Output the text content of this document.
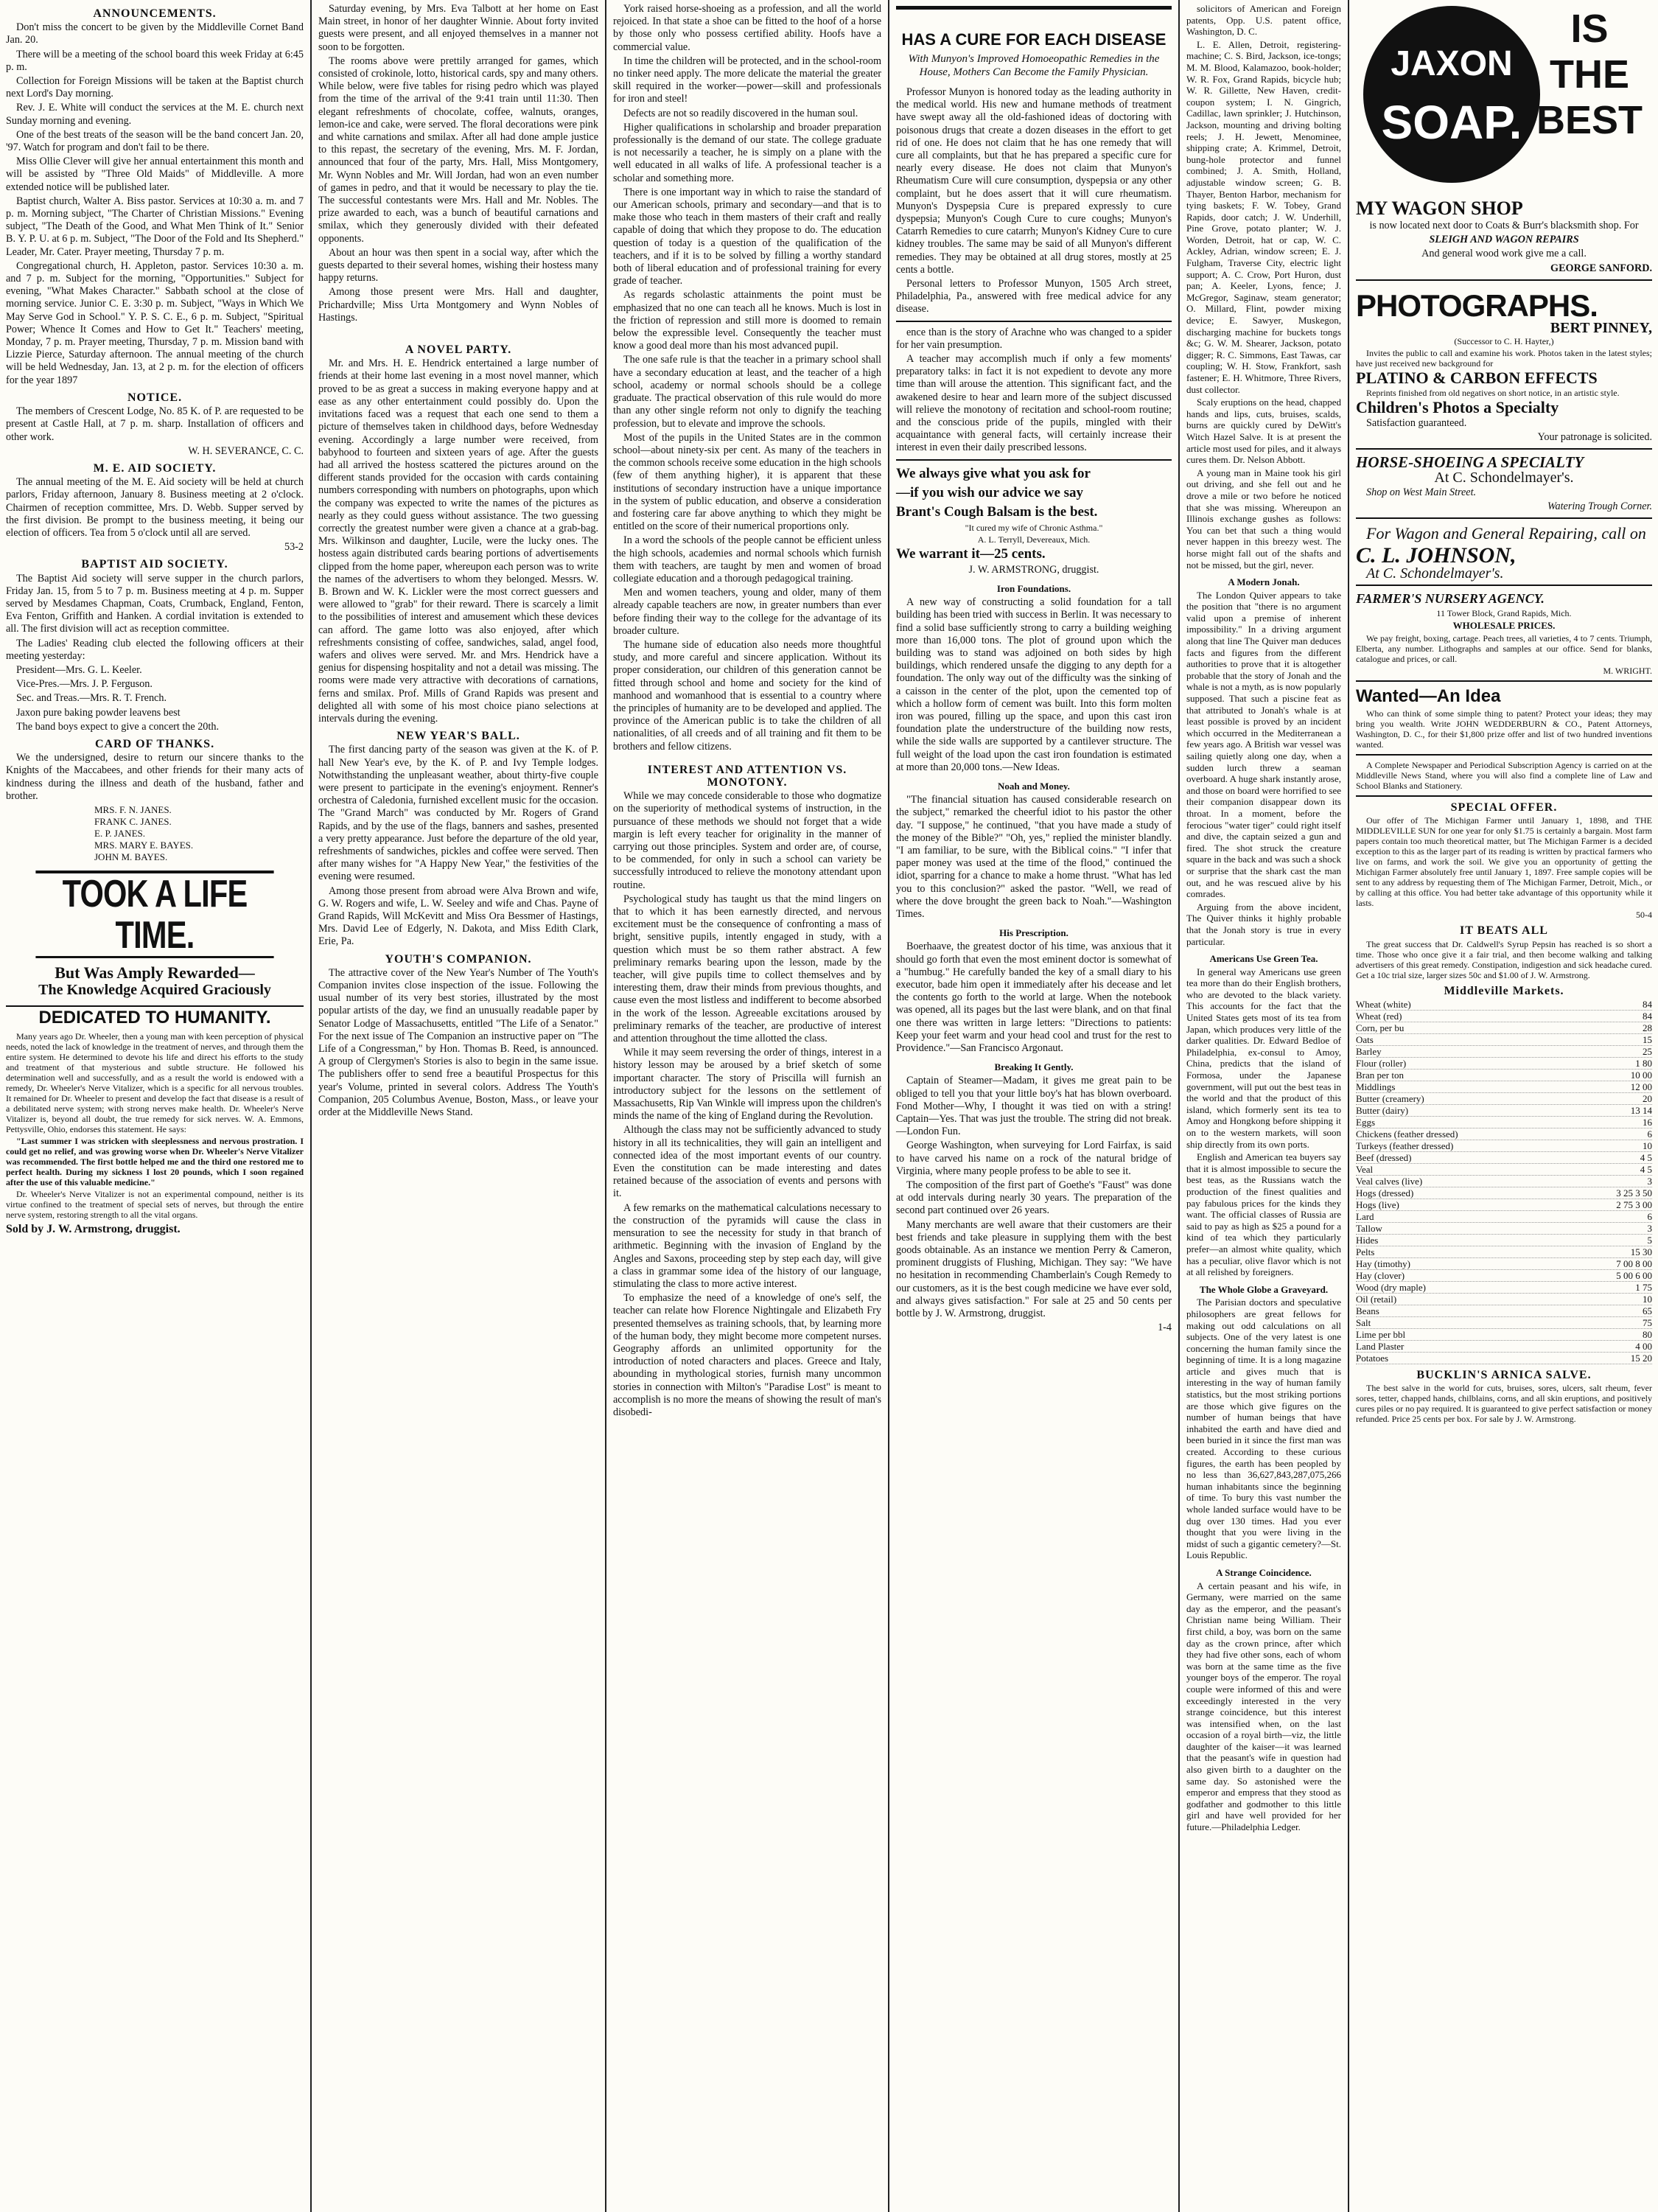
ANNOUNCEMENTS.

Don't miss the concert to be given by the Middleville Cornet Band Jan. 20.

There will be a meeting of the school board this week Friday at 6:45 p. m.

Collection for Foreign Missions will be taken at the Baptist church next Lord's Day morning.

Rev. J. E. White will conduct the services at the M. E. church next Sunday morning and evening.

One of the best treats of the season will be the band concert Jan. 20, '97. Watch for program and don't fail to be there.

Miss Ollie Clever will give her annual entertainment this month and will be assisted by "Three Old Maids" of Middleville. A more extended notice will be published later.

Baptist church, Walter A. Biss pastor. Services at 10:30 a. m. and 7 p. m. Morning subject, "The Charter of Christian Missions." Evening subject, "The Death of the Good, and What Men Think of It." Senior B. Y. P. U. at 6 p. m. Subject, "The Door of the Fold and Its Shepherd." Leader, Mr. Cater. Prayer meeting, Thursday 7 p. m.

Congregational church, H. Appleton, pastor. Services 10:30 a. m. and 7 p. m. Subject for the morning, "Opportunities." Subject for evening, "What Makes Character." Sabbath school at the close of morning service. Junior C. E. 3:30 p. m. Subject, "Ways in Which We May Serve God in School." Y. P. S. C. E., 6 p. m. Subject, "Spiritual Power; Whence It Comes and How to Get It." Teachers' meeting, Monday, 7 p. m. Prayer meeting, Thursday, 7 p. m. Mission band with Lizzie Pierce, Saturday afternoon. The annual meeting of the church will be held Wednesday, Jan. 13, at 2 p. m. for the election of officers for the year 1897

NOTICE.

The members of Crescent Lodge, No. 85 K. of P. are requested to be present at Castle Hall, at 7 p. m. sharp. Installation of officers and other work.

W. H. SEVERANCE, C. C.

M. E. AID SOCIETY.

The annual meeting of the M. E. Aid society will be held at church parlors, Friday afternoon, January 8. Business meeting at 2 o'clock. Chairmen of reception committee, Mrs. D. Webb. Supper served by the first division. Be prompt to the business meeting, it being our election of officers. Tea from 5 o'clock until all are served.

53-2

BAPTIST AID SOCIETY.

The Baptist Aid society will serve supper in the church parlors, Friday Jan. 15, from 5 to 7 p. m. Business meeting at 4 p. m. Supper served by Mesdames Chapman, Coats, Crumback, England, Fenton, Eva Fenton, Griffith and Hanken. A cordial invitation is extended to all. The first division will act as reception committee.

The Ladies' Reading club elected the following officers at their meeting yesterday:

President—Mrs. G. L. Keeler.

Vice-Pres.—Mrs. J. P. Ferguson.

Sec. and Treas.—Mrs. R. T. French.

Jaxon pure baking powder leavens best

The band boys expect to give a concert the 20th.

CARD OF THANKS.

We the undersigned, desire to return our sincere thanks to the Knights of the Maccabees, and other friends for their many acts of kindness during the illness and death of the husband, father and brother.

MRS. F. N. JANES.
FRANK C. JANES.
E. P. JANES.
MRS. MARY E. BAYES.
JOHN M. BAYES.
TOOK A LIFE TIME.
But Was Amply Rewarded—
The Knowledge Acquired Graciously
DEDICATED TO HUMANITY.

Many years ago Dr. Wheeler, then a young man with keen perception of physical needs, noted the lack of knowledge in the treatment of nerves, and through them the entire system. He determined to devote his life and direct his efforts to the study and treatment of that mysterious and subtle structure. He followed his determination well and successfully, and as a result the world is endowed with a remedy, Dr. Wheeler's Nerve Vitalizer, which is a specific for all nervous troubles. It remained for Dr. Wheeler to present and develop the fact that disease is a result of a debilitated nerve system; with strong nerves make health. Dr. Wheeler's Nerve Vitalizer is, beyond all doubt, the true remedy for sick nerves. W. A. Emmons, Pettysville, Ohio, endorses this statement. He says:

"Last summer I was stricken with sleeplessness and nervous prostration. I could get no relief, and was growing worse when Dr. Wheeler's Nerve Vitalizer was recommended. The first bottle helped me and the third one restored me to perfect health. During my sickness I lost 20 pounds, which I soon regained after the use of this valuable medicine."

Dr. Wheeler's Nerve Vitalizer is not an experimental compound, neither is its virtue confined to the treatment of special sets of nerves, but through the entire nerve system, restoring strength to all the vital organs.

Sold by J. W. Armstrong, druggist.

Saturday evening, by Mrs. Eva Talbott at her home on East Main street, in honor of her daughter Winnie. About forty invited guests were present, and all enjoyed themselves in a manner not soon to be forgotten.

The rooms above were prettily arranged for games, which consisted of crokinole, lotto, historical cards, spy and many others. While below, were five tables for rising pedro which was played from the time of the arrival of the 9:41 train until 11:30. Then elegant refreshments of chocolate, coffee, walnuts, oranges, lemon-ice and cake, were served. The floral decorations were pink and white carnations and smilax. After all had done ample justice to this repast, the secretary of the evening, Mrs. M. F. Jordan, announced that four of the party, Mrs. Hall, Miss Montgomery, Mr. Wynn Nobles and Mr. Will Jordan, had won an even number of games in pedro, and that it would be necessary to play the tie. The successful contestants were Mrs. Hall and Mr. Nobles. The prize awarded to each, was a bunch of beautiful carnations and smilax, which they generously divided with their defeated opponents.

About an hour was then spent in a social way, after which the guests departed to their several homes, wishing their hostess many happy returns.

Among those present were Mrs. Hall and daughter, Prichardville; Miss Urta Montgomery and Wynn Nobles of Hastings.

A NOVEL PARTY.

Mr. and Mrs. H. E. Hendrick entertained a large number of friends at their home last evening in a most novel manner, which proved to be as great a success in making everyone happy and at ease as any other entertainment could possibly do. Upon the invitations faced was a request that each one send to them a picture of themselves taken in childhood days, before Wednesday evening. Accordingly a large number were received, from babyhood to fourteen and sixteen years of age. After the guests had all arrived the hostess scattered the pictures around on the different stands provided for the occasion with cards containing numbers corresponding with numbers on photographs, upon which the company was expected to write the names of the pictures as nearly as they could guess without assistance. The two guessing correctly the greatest number were given a chance at a grab-bag. Mrs. Wilkinson and daughter, Lucile, were the lucky ones. The hostess again distributed cards bearing portions of advertisements clipped from the home paper, whereupon each person was to write the names of the advertisers to whom they belonged. Messrs. W. B. Brown and W. K. Lickler were the most correct guessers and were allowed to "grab" for their reward. There is scarcely a limit to the possibilities of interest and amusement which these devices can afford. The game lotto was also enjoyed, after which refreshments consisting of coffee, sandwiches, salad, angel food, wafers and olives were served. Mr. and Mrs. Hendrick have a genius for dispensing hospitality and not a detail was missing. The rooms were made very attractive with decorations of carnations, ferns and smilax. Prof. Mills of Grand Rapids was present and delighted all with some of his most choice piano selections at intervals during the evening.

NEW YEAR'S BALL.

The first dancing party of the season was given at the K. of P. hall New Year's eve, by the K. of P. and Ivy Temple lodges. Notwithstanding the unpleasant weather, about thirty-five couple were present to participate in the evening's enjoyment. Renner's orchestra of Caledonia, furnished excellent music for the occasion. The "Grand March" was conducted by Mr. Rogers of Grand Rapids, and by the use of the flags, banners and sashes, presented a very pretty appearance. Just before the departure of the old year, refreshments of sandwiches, pickles and coffee were served. Then after many wishes for "A Happy New Year," the festivities of the evening were resumed.

Among those present from abroad were Alva Brown and wife, G. W. Rogers and wife, L. W. Seeley and wife and Chas. Payne of Grand Rapids, Will McKevitt and Miss Ora Bessmer of Hastings, Mrs. David Lee of Edgerly, N. Dakota, and Miss Edith Clark, Erie, Pa.

YOUTH'S COMPANION.

The attractive cover of the New Year's Number of The Youth's Companion invites close inspection of the issue. Following the usual number of its very best stories, illustrated by the most popular artists of the day, we find an unusually readable paper by Senator Lodge of Massachusetts, entitled "The Life of a Senator." For the next issue of The Companion an instructive paper on "The Life of a Congressman," by Hon. Thomas B. Reed, is announced. A group of Clergymen's Stories is also to begin in the same issue. The publishers offer to send free a beautiful Prospectus for this year's Volume, printed in several colors. Address The Youth's Companion, 205 Columbus Avenue, Boston, Mass., or leave your order at the Middleville News Stand.

York raised horse-shoeing as a profession, and all the world rejoiced. In that state a shoe can be fitted to the hoof of a horse by those only who possess certified ability. Hoofs have a commercial value.

In time the children will be protected, and in the school-room no tinker need apply. The more delicate the material the greater skill required in the worker—power—skill and professionals for iron and steel!

Defects are not so readily discovered in the human soul.

Higher qualifications in scholarship and broader preparation professionally is the demand of our state. The college graduate is not necessarily a teacher, he is simply on a plane with the well educated in all walks of life. A professional teacher is a scholar and something more.

There is one important way in which to raise the standard of our American schools, primary and secondary—and that is to make those who teach in them masters of their craft and really capable of doing that which they propose to do. The education question of today is a question of the qualification of the teachers, and if it is to be solved by filling a worthy standard both of liberal education and of professional training for every grade of teacher.

As regards scholastic attainments the point must be emphasized that no one can teach all he knows. Much is lost in the friction of repression and still more is doomed to remain below the expressible level. Consequently the teacher must know a good deal more than his most advanced pupil.

The one safe rule is that the teacher in a primary school shall have a secondary education at least, and the teacher of a high school, academy or normal schools should be a college graduate. The practical observation of this rule would do more than any other single reform not only to dignify the teaching profession, but to elevate and improve the schools.

Most of the pupils in the United States are in the common school—about ninety-six per cent. As many of the teachers in the common schools receive some education in the high schools (few of them anything higher), it is apparent that these institutions of secondary instruction have a unique importance in the system of public education, and observe a consideration and fostering care far above anything to which they might be entitled on the score of their numerical proportions only.

In a word the schools of the people cannot be efficient unless the high schools, academies and normal schools which furnish them with teachers, are taught by men and women of broad collegiate education and a thorough pedagogical training.

Men and women teachers, young and older, many of them already capable teachers are now, in greater numbers than ever before finding their way to the college for the advantage of its broader culture.

The humane side of education also needs more thoughtful study, and more careful and sincere application. Without its proper consideration, our children of this generation cannot be fitted through school and home and society for the kind of manhood and womanhood that is essential to a country where the principles of humanity are to be developed and applied. The province of the American public is to take the children of all nationalities, of all creeds and of all training and fit them to be brothers and fellow citizens.

INTEREST AND ATTENTION VS. MONOTONY.

While we may concede considerable to those who dogmatize on the superiority of methodical systems of instruction, in the pursuance of these methods we should not forget that a wide margin is left every teacher for originality in the manner of carrying out those principles. System and order are, of course, to be commended, for only in such a school can variety be successfully introduced to relieve the monotony attendant upon routine.

Psychological study has taught us that the mind lingers on that to which it has been earnestly directed, and nervous excitement must be the consequence of confronting a mass of bright, sensitive pupils, intently engaged in study, with a question which must be so them rather abstract. A few preliminary remarks bearing upon the lesson, made by the teacher, will give pupils time to collect themselves and by interesting them, draw their minds from previous thoughts, and cause even the most listless and indifferent to become absorbed in the work of the lesson. Agreeable excitations aroused by preliminary remarks of the teacher, are productive of interest and attention throughout the time allotted the class.

While it may seem reversing the order of things, interest in a history lesson may be aroused by a brief sketch of some important character. The story of Priscilla will furnish an introductory subject for the lessons on the settlement of Massachusetts, Rip Van Winkle will impress upon the children's minds the name of the king of England during the Revolution.

Although the class may not be sufficiently advanced to study history in all its technicalities, they will gain an intelligent and connected idea of the most important events of our country. Even the constitution can be made interesting and dates retained because of the association of events and persons with it.

A few remarks on the mathematical calculations necessary to the construction of the pyramids will cause the class in mensuration to see the necessity for study in that branch of arithmetic. Beginning with the invasion of England by the Angles and Saxons, proceeding step by step each day, will give a class in grammar some idea of the history of our language, stimulating the class to more active interest.

To emphasize the need of a knowledge of one's self, the teacher can relate how Florence Nightingale and Elizabeth Fry presented themselves as training schools, that, by learning more of the human body, they might become more competent nurses. Geography affords an unlimited opportunity for the introduction of noted characters and places. Greece and Italy, abounding in mythological stories, furnish many uncommon stories in connection with Milton's "Paradise Lost" is meant to accomplish is no more the means of showing the result of man's disobedi-

HAS A CURE FOR EACH DISEASE
With Munyon's Improved Homoeopathic Remedies in the House, Mothers Can Become the Family Physician.

Professor Munyon is honored today as the leading authority in the medical world. His new and humane methods of treatment have swept away all the old-fashioned ideas of doctoring with poisonous drugs that create a dozen diseases in the effort to get rid of one. He does not claim that he has one remedy that will cure all complaints, but that he has prepared a specific cure for nearly every disease. He does not claim that Munyon's Rheumatism Cure will cure consumption, dyspepsia or any other complaint, but he does assert that it will cure rheumatism. Munyon's Dyspepsia Cure is prepared expressly to cure dyspepsia; Munyon's Cough Cure to cure coughs; Munyon's Catarrh Remedies to cure catarrh; Munyon's Kidney Cure to cure kidney troubles. The same may be said of all Munyon's different remedies. They may be obtained at all drug stores, mostly at 25 cents a bottle.

Personal letters to Professor Munyon, 1505 Arch street, Philadelphia, Pa., answered with free medical advice for any disease.

ence than is the story of Arachne who was changed to a spider for her vain presumption.

A teacher may accomplish much if only a few moments' preparatory talks: in fact it is not expedient to devote any more time than will arouse the attention. This significant fact, and the awakened desire to hear and learn more of the subject discussed will relieve the monotony of recitation and school-room routine; and the conscious pride of the pupils, mingled with their acquaintance with general facts, will certainly increase their interest in even their daily prescribed lessons.

We always give what you ask for

—if you wish our advice we say

Brant's Cough Balsam is the best.

"It cured my wife of Chronic Asthma."

A. L. Terryll, Devereaux, Mich.

We warrant it—25 cents.

J. W. ARMSTRONG, druggist.

Iron Foundations.

A new way of constructing a solid foundation for a tall building has been tried with success in Berlin. It was necessary to find a solid base sufficiently strong to carry a building weighing more than 16,000 tons. The plot of ground upon which the building was to stand was adjoined on both sides by high buildings, which rendered unsafe the digging to any depth for a foundation. The only way out of the difficulty was the sinking of a caisson in the center of the plot, upon the cemented top of which a hollow form of cement was built. Into this form molten iron was poured, filling up the space, and upon this cast iron foundation plate the understructure of the building now rests, while the side walls are supported by a cantilever structure. The full weight of the load upon the cast iron foundation is estimated at more than 20,000 tons.—New Ideas.

Noah and Money.

"The financial situation has caused considerable research on the subject," remarked the cheerful idiot to his pastor the other day. "I suppose," he continued, "that you have made a study of the money of the Bible?" "Oh, yes," replied the minister blandly. "I am familiar, to be sure, with the Biblical coins." "I infer that paper money was used at the time of the flood," continued the idiot, sparring for a chance to make a home thrust. "What has led you to this conclusion?" asked the pastor. "Well, we read of where the dove brought the green back to Noah."—Washington Times.

His Prescription.

Boerhaave, the greatest doctor of his time, was anxious that it should go forth that even the most eminent doctor is somewhat of a "humbug." He carefully banded the key of a small diary to his executor, bade him open it immediately after his decease and let the contents go forth to the world at large. When the notebook was opened, all its pages but the last were blank, and on that final one there was written in large letters: "Directions to patients: Keep your feet warm and your head cool and trust for the rest to Providence."—San Francisco Argonaut.

Breaking It Gently.

Captain of Steamer—Madam, it gives me great pain to be obliged to tell you that your little boy's hat has blown overboard. Fond Mother—Why, I thought it was tied on with a string! Captain—Yes. That was just the trouble. The string did not break.—London Fun.

George Washington, when surveying for Lord Fairfax, is said to have carved his name on a rock of the natural bridge of Virginia, where many people profess to be able to see it.

The composition of the first part of Goethe's "Faust" was done at odd intervals during nearly 30 years. The preparation of the second part continued over 26 years.

Many merchants are well aware that their customers are their best friends and take pleasure in supplying them with the best goods obtainable. As an instance we mention Perry & Cameron, prominent druggists of Flushing, Michigan. They say: "We have no hesitation in recommending Chamberlain's Cough Remedy to our customers, as it is the best cough medicine we have ever sold, and always gives satisfaction." For sale at 25 and 50 cents per bottle by J. W. Armstrong, druggist.

1-4

solicitors of American and Foreign patents, Opp. U.S. patent office, Washington, D. C.

L. E. Allen, Detroit, registering-machine; C. S. Bird, Jackson, ice-tongs; M. M. Blood, Kalamazoo, book-holder; W. R. Fox, Grand Rapids, bicycle hub; W. R. Gillette, New Haven, credit-coupon system; I. N. Gingrich, Cadillac, lawn sprinkler; J. Hutchinson, Jackson, mounting and driving bolting reels; J. H. Jewett, Menominee, shipping crate; A. Krimmel, Detroit, bung-hole protector and funnel combined; J. A. Smith, Holland, adjustable window screen; G. B. Thayer, Benton Harbor, mechanism for tying baskets; F. W. Tobey, Grand Rapids, door catch; J. W. Underhill, Pine Grove, potato planter; W. J. Worden, Detroit, hat or cap, W. C. Ackley, Adrian, window screen; E. J. Fulgham, Traverse City, electric light support; A. C. Crow, Port Huron, dust pan; A. Keeler, Lyons, fence; J. McGregor, Saginaw, steam generator; O. Millard, Flint, powder mixing device; E. Sawyer, Muskegon, discharging machine for buckets tongs &c; G. W. M. Shearer, Jackson, potato digger; R. C. Simmons, East Tawas, car coupling; W. H. Stow, Frankfort, sash fastener; E. H. Whitmore, Three Rivers, dust collector.

Scaly eruptions on the head, chapped hands and lips, cuts, bruises, scalds, burns are quickly cured by DeWitt's Witch Hazel Salve. It is at present the article most used for piles, and it always cures them. Dr. Nelson Abbott.

A young man in Maine took his girl out driving, and she fell out and he drove a mile or two before he noticed that she was missing. Whereupon an Illinois exchange gushes as follows: You can bet that such a thing would never happen in this breezy west. The horse might fall out of the shafts and not be missed, but the girl, never.

A Modern Jonah.

The London Quiver appears to take the position that "there is no argument valid upon a premise of inherent impossibility." In a driving argument along that line The Quiver man deduces facts and figures from the different authorities to prove that it is altogether probable that the story of Jonah and the whale is not a myth, as is now popularly supposed. That such a piscine feat as that attributed to Jonah's whale is at least possible is proved by an incident which occurred in the Mediterranean a few years ago. A British war vessel was sailing quietly along one day, when a sudden lurch threw a seaman overboard. A huge shark instantly arose, and those on board were horrified to see their companion disappear down its throat. In a moment, before the ferocious "water tiger" could right itself and dive, the captain seized a gun and fired. The shot struck the creature square in the back and was such a shock or surprise that the shark cast the man out, and he was rescued alive by his comrades.

Arguing from the above incident, The Quiver thinks it highly probable that the Jonah story is true in every particular.

Americans Use Green Tea.

In general way Americans use green tea more than do their English brothers, who are devoted to the black variety. This accounts for the fact that the United States gets most of its tea from Japan, which produces very little of the darker qualities. Dr. Edward Bedloe of Philadelphia, ex-consul to Amoy, China, predicts that the island of Formosa, under the Japanese government, will put out the best teas in the world and that the product of this island, which formerly sent its tea to Amoy and Hongkong before shipping it on to the western markets, will soon ship directly from its own ports.

English and American tea buyers say that it is almost impossible to secure the best teas, as the Russians watch the production of the finest qualities and pay fabulous prices for the kinds they want. The official classes of Russia are said to pay as high as $25 a pound for a kind of tea which they particularly prefer—an almost white quality, which has a peculiar, olive flavor which is not at all relished by foreigners.

The Whole Globe a Graveyard.

The Parisian doctors and speculative philosophers are great fellows for making out odd calculations on all subjects. One of the very latest is one concerning the human family since the beginning of time. It is a long magazine article and gives much that is interesting in the way of human family statistics, but the most striking portions are those which give figures on the number of human beings that have inhabited the earth and have died and been buried in it since the first man was created. According to these curious figures, the earth has been peopled by no less than 36,627,843,287,075,266 human inhabitants since the beginning of time. To bury this vast number the whole landed surface would have to be dug over 130 times. Had you ever thought that you were living in the midst of such a gigantic cemetery?—St. Louis Republic.

A Strange Coincidence.

A certain peasant and his wife, in Germany, were married on the same day as the emperor, and the peasant's Christian name being William. Their first child, a boy, was born on the same day as the crown prince, after which they had five other sons, each of whom was born at the same time as the five younger boys of the emperor. The royal couple were informed of this and were exceedingly interested in the very strange coincidence, but this interest was intensified when, on the last occasion of a royal birth—viz, the little daughter of the kaiser—it was learned that the peasant's wife in question had also given birth to a daughter on the same day. So astonished were the emperor and empress that they stood as godfather and godmother to this little girl and have well provided for her future.—Philadelphia Ledger.

JAXON
SOAP.
IS THE BEST
MY WAGON SHOP

is now located next door to Coats & Burr's blacksmith shop. For

SLEIGH AND WAGON REPAIRS

And general wood work give me a call.

GEORGE SANFORD.

PHOTOGRAPHS.
BERT PINNEY,

(Successor to C. H. Hayter,)

Invites the public to call and examine his work. Photos taken in the latest styles; have just received new background for

PLATINO & CARBON EFFECTS

Reprints finished from old negatives on short notice, in an artistic style.

Children's Photos a Specialty

Satisfaction guaranteed.

Your patronage is solicited.

HORSE-SHOEING A SPECIALTY

At C. Schondelmayer's.

Shop on West Main Street.

Watering Trough Corner.

For Wagon and General Repairing, call on

C. L. JOHNSON,

At C. Schondelmayer's.

FARMER'S NURSERY AGENCY.

11 Tower Block, Grand Rapids, Mich.

WHOLESALE PRICES.

We pay freight, boxing, cartage. Peach trees, all varieties, 4 to 7 cents. Triumph, Elberta, any number. Lithographs and samples at our office. Send for blanks, catalogue and prices, or call.

M. WRIGHT.

Wanted—An Idea

Who can think of some simple thing to patent? Protect your ideas; they may bring you wealth. Write JOHN WEDDERBURN & CO., Patent Attorneys, Washington, D. C., for their $1,800 prize offer and list of two hundred inventions wanted.

A Complete Newspaper and Periodical Subscription Agency is carried on at the Middleville News Stand, where you will also find a complete line of Law and School Blanks and Stationery.

SPECIAL OFFER.

Our offer of The Michigan Farmer until January 1, 1898, and THE MIDDLEVILLE SUN for one year for only $1.75 is certainly a bargain. Most farm papers contain too much theoretical matter, but The Michigan Farmer is a decided exception to this as the larger part of its reading is written by practical farmers who live on farms, and work the soil. We give you an opportunity of getting the Michigan Farmer absolutely free until January 1, 1897. Free sample copies will be sent to any address by requesting them of The Michigan Farmer, Detroit, Mich., or by calling at this office. You had better take advantage of this opportunity while it lasts.

50-4

IT BEATS ALL

The great success that Dr. Caldwell's Syrup Pepsin has reached is so short a time. Those who once give it a fair trial, and then become walking and talking advertisers of this great remedy. Constipation, indigestion and sick headache cured. Get a 10c trial size, larger sizes 50c and $1.00 of J. W. Armstrong.

Middleville Markets.
Wheat (white)	84
Wheat (red)	84
Corn, per bu	28
Oats	15
Barley	25
Flour (roller)	1 80
Bran per ton	10 00
Middlings	12 00
Butter (creamery)	20
Butter (dairy)	13 14
Eggs	16
Chickens (feather dressed)	6
Turkeys (feather dressed)	10
Beef (dressed)	4 5
Veal	4 5
Veal calves (live)	3
Hogs (dressed)	3 25 3 50
Hogs (live)	2 75 3 00
Lard	6
Tallow	3
Hides	5
Pelts	15 30
Hay (timothy)	7 00 8 00
Hay (clover)	5 00 6 00
Wood (dry maple)	1 75
Oil (retail)	10
Beans	65
Salt	75
Lime per bbl	80
Land Plaster	4 00
Potatoes	15 20
BUCKLIN'S ARNICA SALVE.

The best salve in the world for cuts, bruises, sores, ulcers, salt rheum, fever sores, tetter, chapped hands, chilblains, corns, and all skin eruptions, and positively cures piles or no pay required. It is guaranteed to give perfect satisfaction or money refunded. Price 25 cents per box. For sale by J. W. Armstrong.
